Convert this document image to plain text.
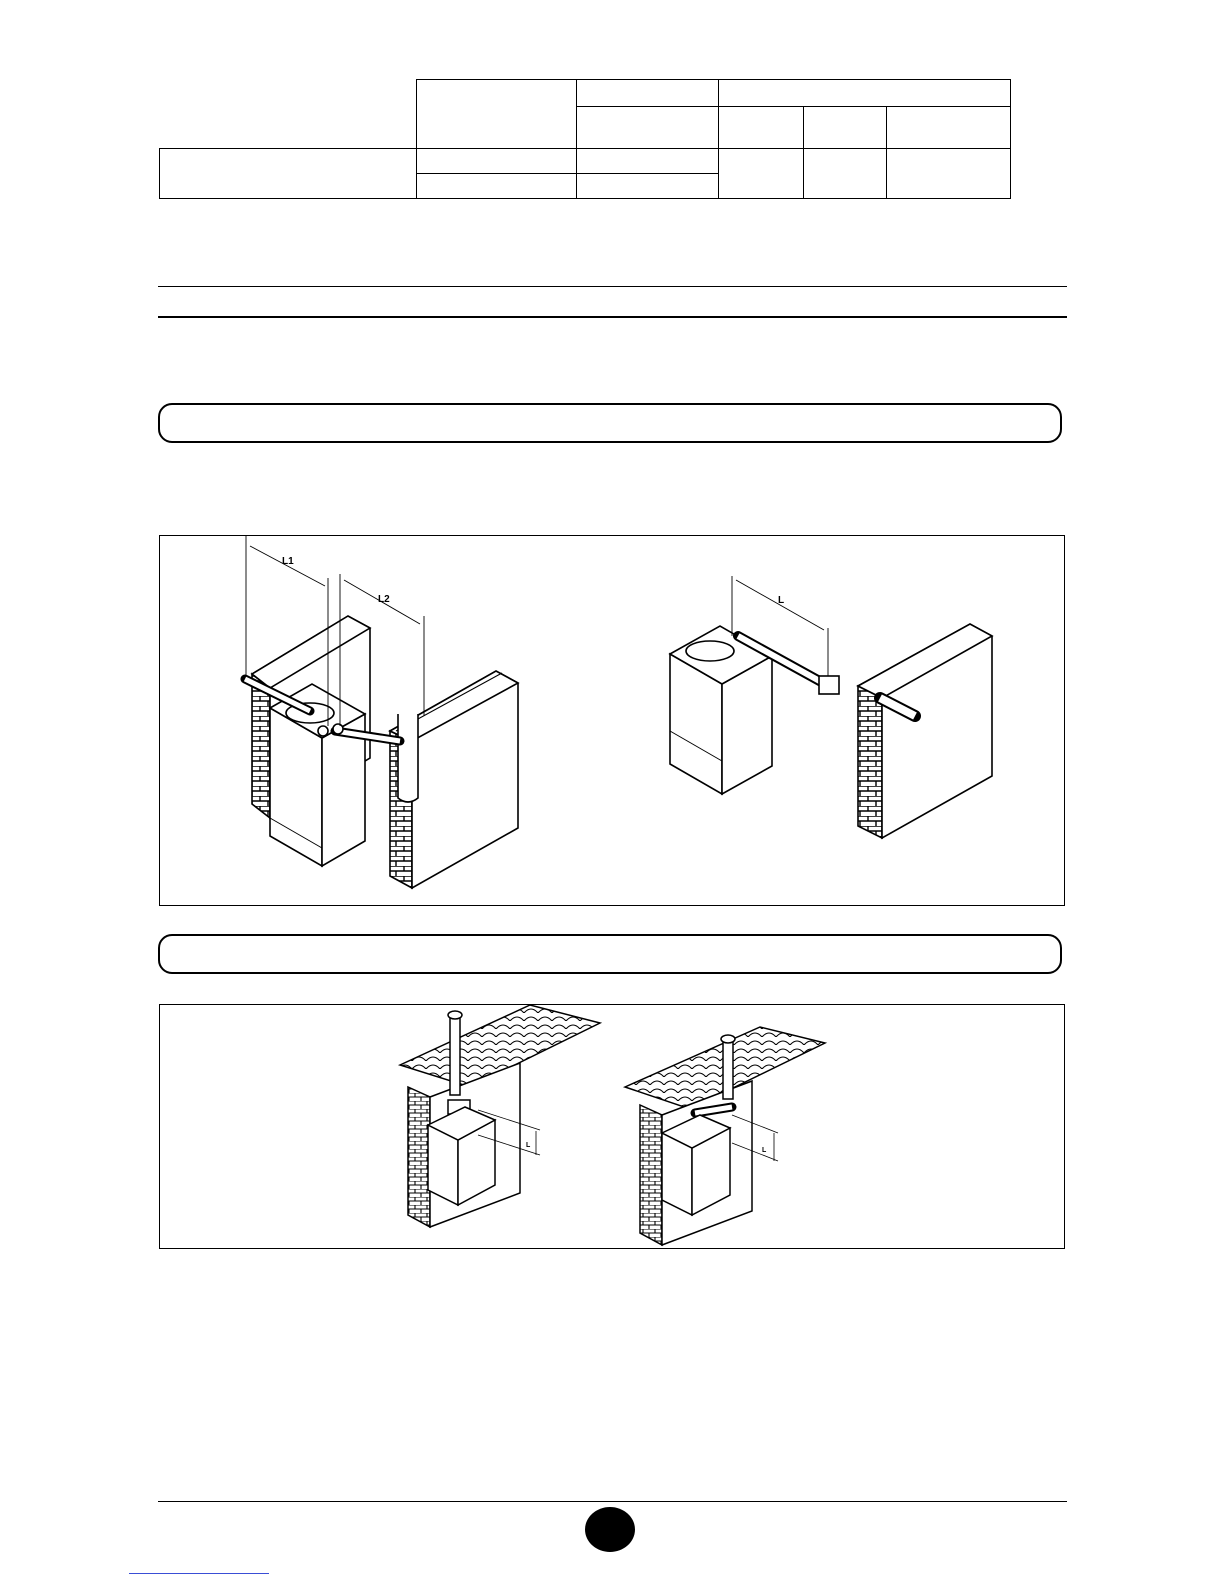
L1
L2	L
L
L
